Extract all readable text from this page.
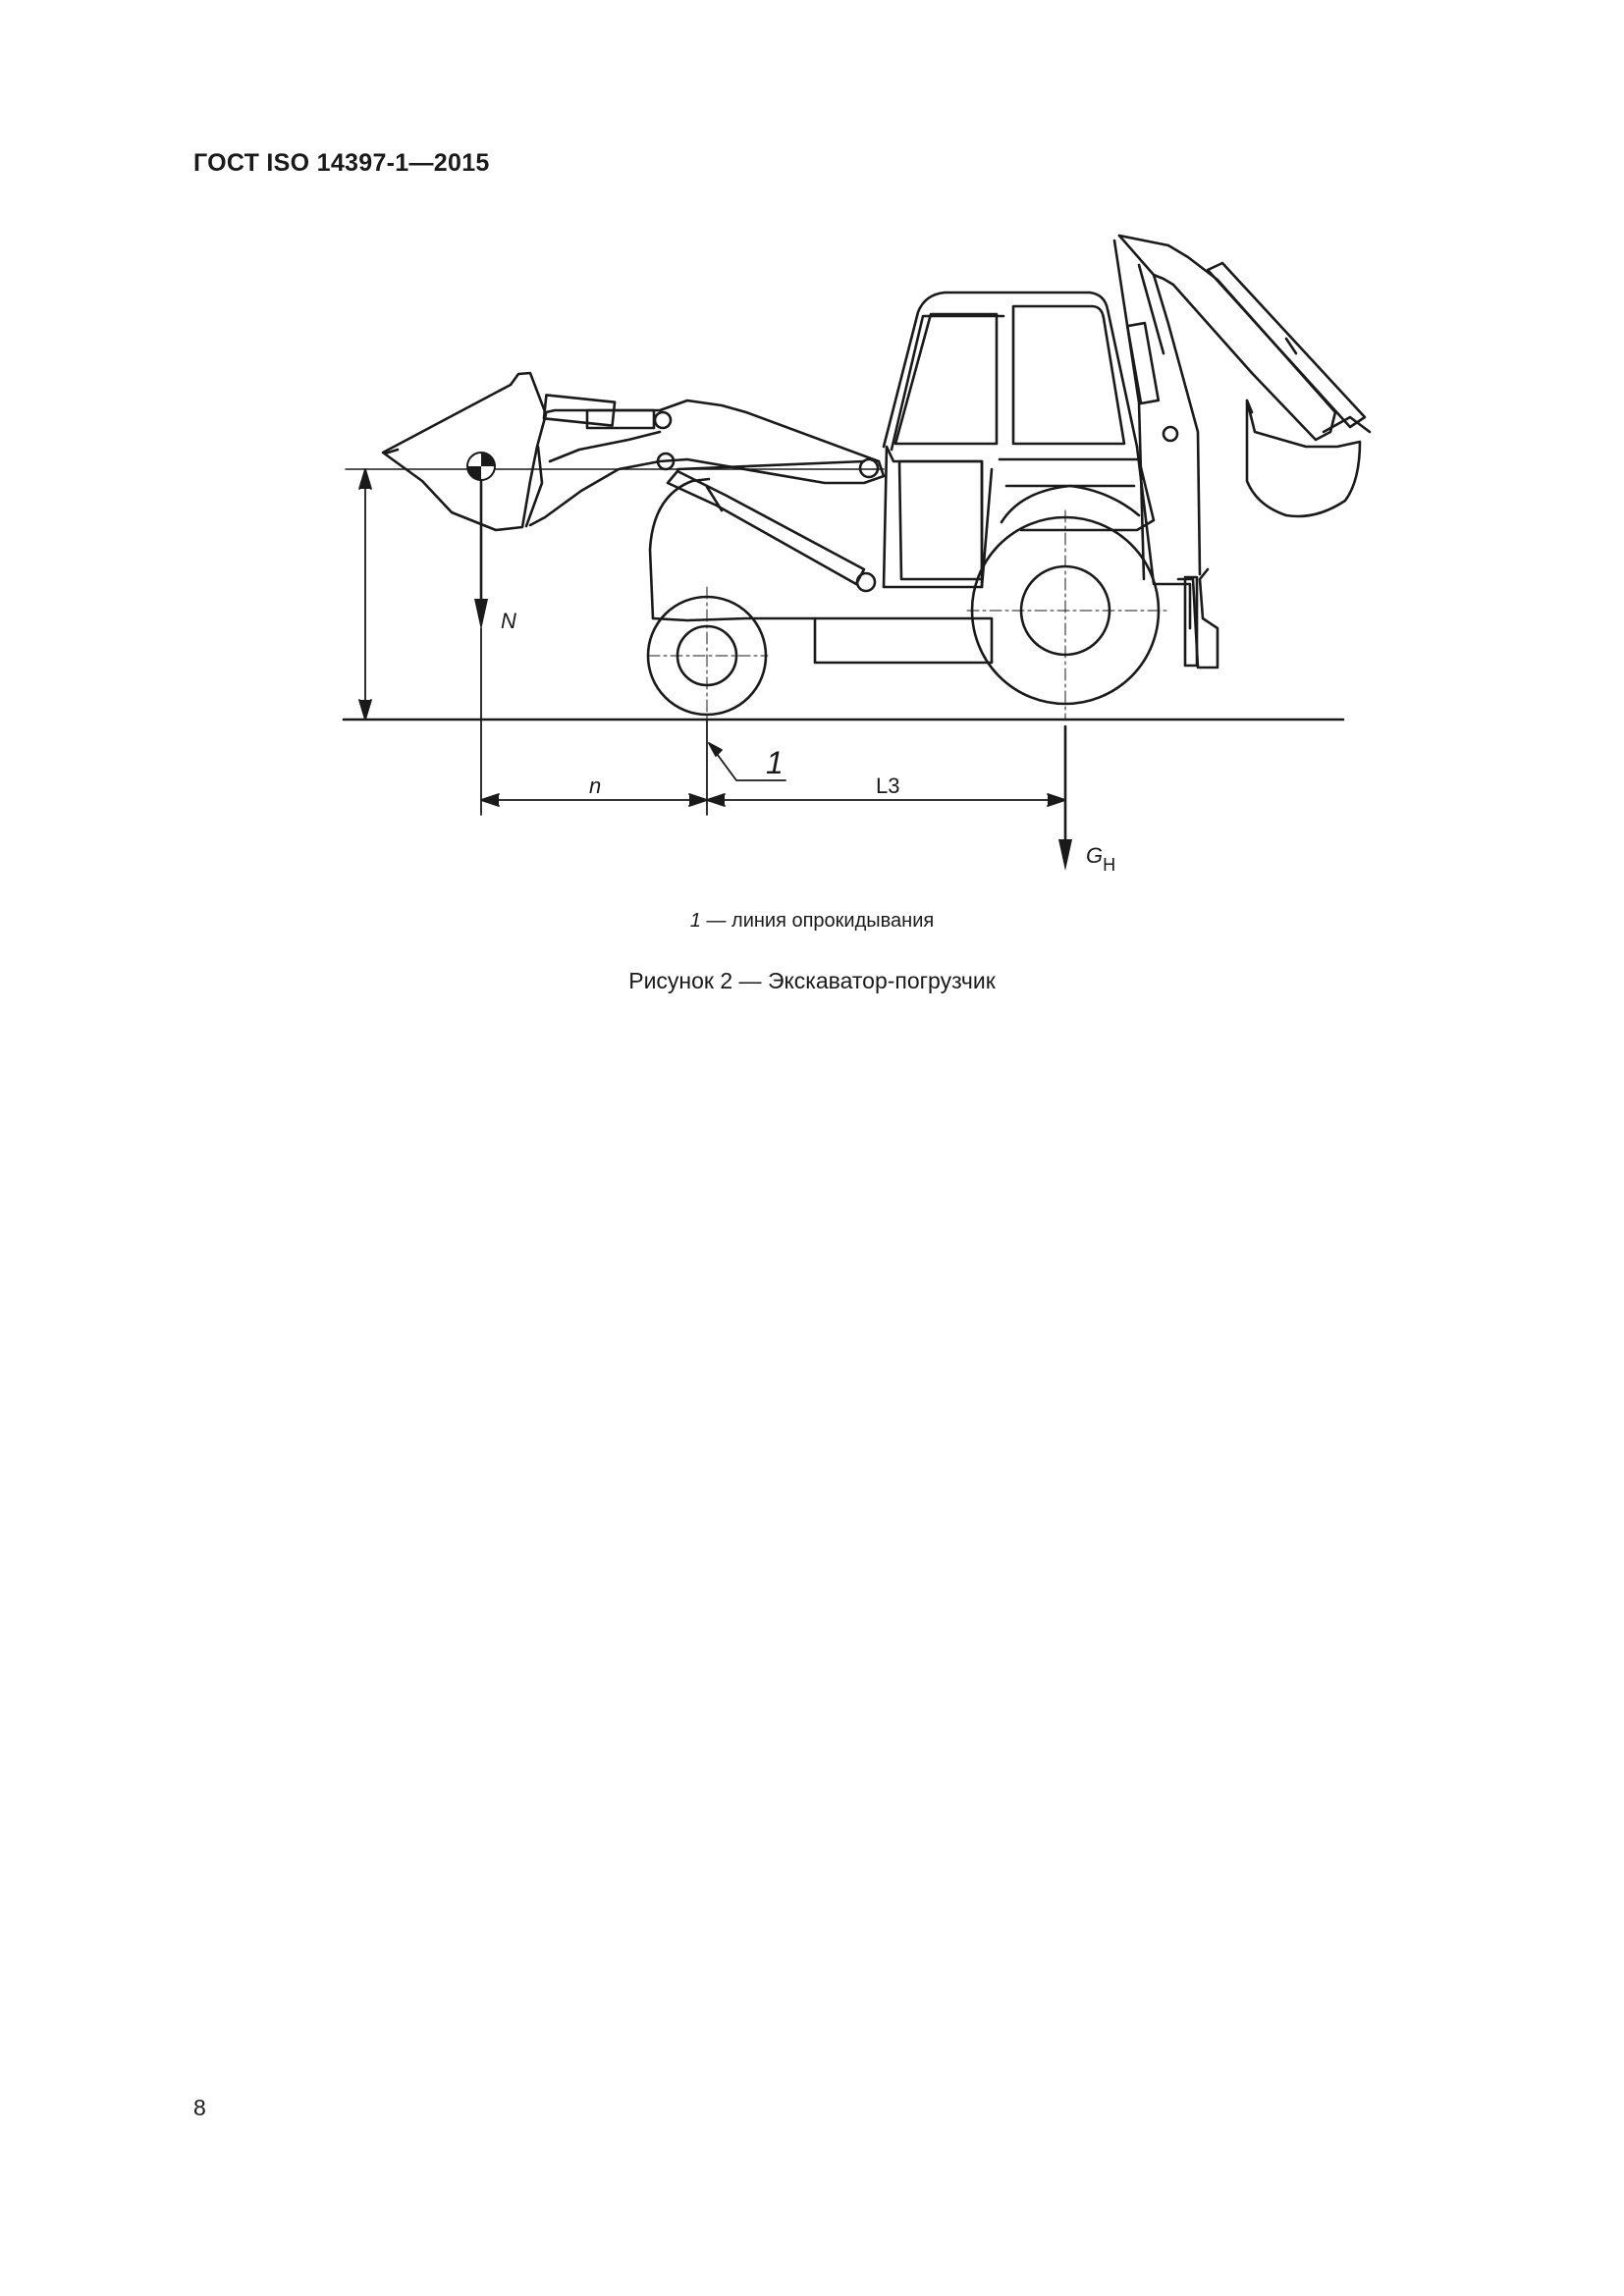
ГОСТ ISO 14397-1—2015
N
n	L3
1
$G_H$
1 — линия опрокидывания
Рисунок 2 — Экскаватор-погрузчик
8
